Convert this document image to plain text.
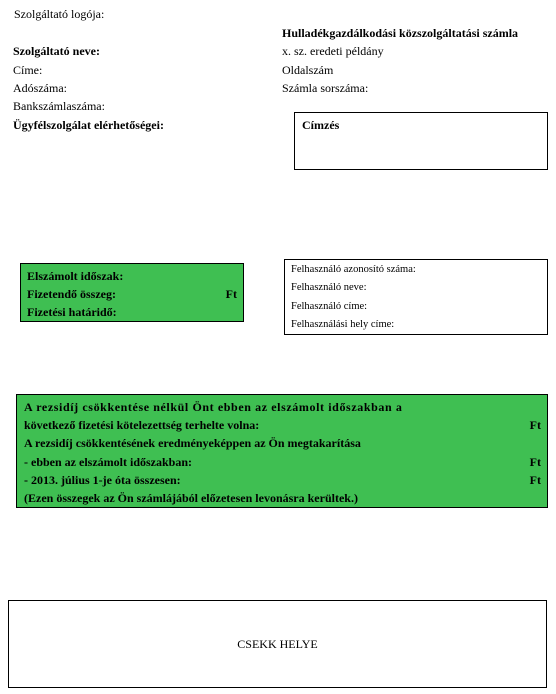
Szolgáltató logója:
Hulladékgazdálkodási közszolgáltatási számla
x. sz. eredeti példány
Oldalszám
Számla sorszáma:
Szolgáltató neve:
Címe:
Adószáma:
Bankszámlaszáma:
Ügyfélszolgálat elérhetőségei:	Címzés
Elszámolt időszak:
Fizetendő összeg:	Ft
Fizetési határidő:
Felhasználó azonosító száma:
Felhasználó neve:
Felhasználó címe:
Felhasználási hely címe:
A rezsidíj csökkentése nélkül Önt ebben az elszámolt időszakban a
következő fizetési kötelezettség terhelte volna:	Ft
A rezsidíj csökkentésének eredményeképpen az Ön megtakarítása
- ebben az elszámolt időszakban:	Ft
- 2013. július 1-je óta összesen:	Ft
(Ezen összegek az Ön számlájából előzetesen levonásra kerültek.)
CSEKK HELYE
